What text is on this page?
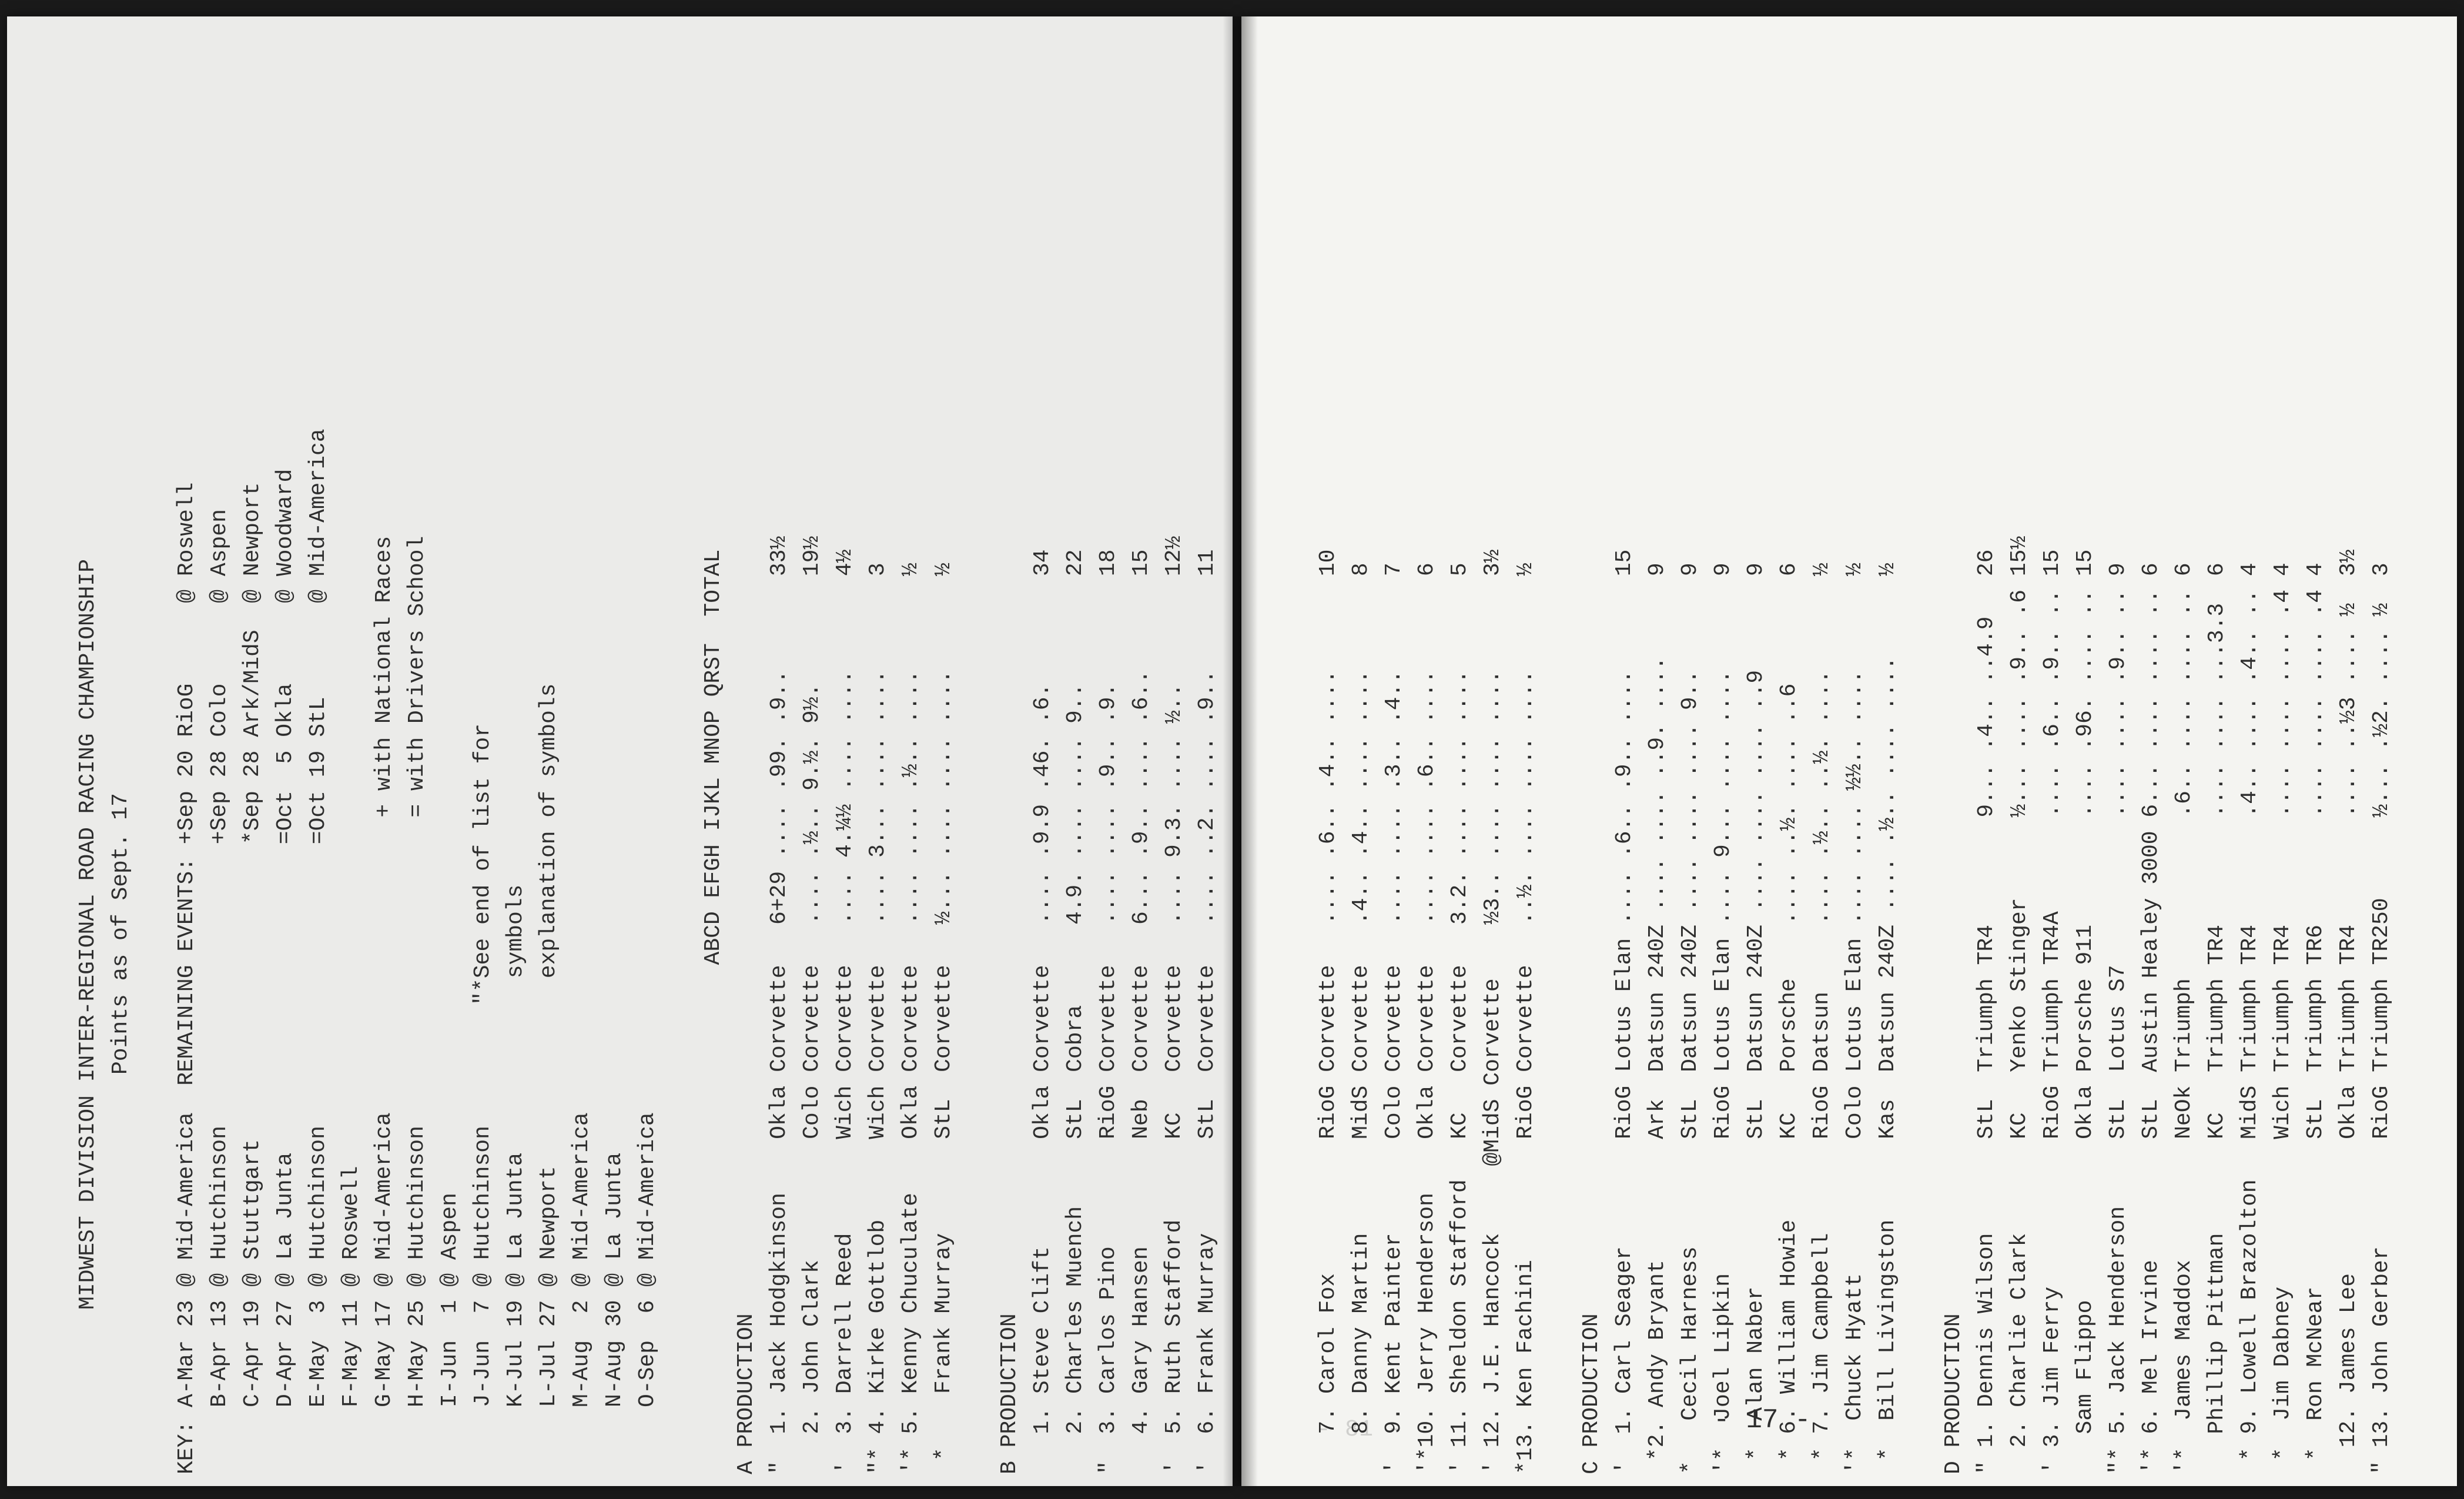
MIDWEST DIVISION INTER-REGIONAL ROAD RACING CHAMPIONSHIP Points as of Sept. 17 KEY: A-Mar 23 @ Mid-America  REMAINING EVENTS: +Sep 20 RioG      @ Roswell B-Apr 13 @ Hutchinson                     +Sep 28 Colo      @ Aspen C-Apr 19 @ Stuttgart                      *Sep 28 Ark/MidS  @ Newport D-Apr 27 @ La Junta                       =Oct  5 Okla      @ Woodward E-May  3 @ Hutchinson                     =Oct 19 StL       @ Mid-America F-May 11 @ Roswell G-May 17 @ Mid-America                      + with National Races H-May 25 @ Hutchinson                       = with Drivers School I-Jun  1 @ Aspen J-Jun  7 @ Hutchinson         "*See end of list for K-Jul 19 @ La Junta             symbols L-Jul 27 @ Newport              explanation of symbols M-Aug  2 @ Mid-America N-Aug 30 @ La Junta O-Sep  6 @ Mid-America ABCD EFGH IJKL MNOP QRST  TOTAL A PRODUCTION "  1. Jack Hodgkinson    Okla Corvette   6+29 .... .99. .9..       33½ 2. John Clark         Colo Corvette   .... .½.. 9.½. 9½.        19½ '  3. Darrell Reed       Wich Corvette   .... 4.¼½ .... ....       4½ "* 4. Kirke Gottlob      Wich Corvette   .... 3... .... ....       3 '* 5. Kenny Chuculate    Okla Corvette   .... .... .½.. ....       ½ *    Frank Murray       StL  Corvette   ½... .... .... ....       ½ B PRODUCTION 1. Steve Clift        Okla Corvette   .... .9.9 .46. .6.        34 2. Charles Muench     StL  Cobra      4.9. .... .... 9..        22 "  3. Carlos Pino        RioG Corvette   .... .... .9.. .9.        18 4. Gary Hansen        Neb  Corvette   6... .9.. .... .6..       15 '  5. Ruth Stafford      KC   Corvette   .... 9.3. .... ½..        12½ '  6. Frank Murray       StL  Corvette   .... ..2. .... .9..       11	7. Carol Fox          RioG Corvette   .... .6.. .4.. ....       10 8. Danny Martin       MidS Corvette   .4.. .4.. .... ....       8 '  9. Kent Painter       Colo Corvette   .... .... .3.. .4..       7 '*10. Jerry Henderson    Okla Corvette   .... .... .6.. ....       6 ' 11. Sheldon Stafford   KC   Corvette   3.2. .... .... ....       5 ' 12. J.E. Hancock     @MidS Corvette    ½3.. .... .... ....       3½ *13. Ken Fachini         RioG Corvette   ..½. .... .... ....       ½ C PRODUCTION '  1. Carl Seager        RioG Lotus Elan .... .6.. .9.. ....       15 *2. Andy Bryant         Ark  Datsun 240Z .... .... ..9. ....      9 *   Cecil Harness        StL  Datsun 240Z .... .... .... 9..       9 '*  Joel Lipkin          RioG Lotus Elan .... 9... .... ....       9 *  Alan Naber           StL  Datsun 240Z .... .... .... ..9       9 * 6. William Howie      KC   Porsche    .... ..½. .... ..6        6 * 7. Jim Campbell       RioG Datsun     .... .½.. ..½. ....       ½ '*  Chuck Hyatt          Colo Lotus Elan .... .... ½½.. ....       ½ *  Bill Livingston      Kas  Datsun 240Z .... .½.. .... ....      ½ D PRODUCTION " 1. Dennis Wilson       StL  Triumph TR4        9... .4.. ..4.9   26 2. Charlie Clark       KC   Yenko Stinger      ½... .... .9.. .6 15½ ' 3. Jim Ferry           RioG Triumph TR4A       .... .6.. .9.. .. 15 Sam Flippo            Okla Porsche 911        .... .96. .... .. 15 "* 5. Jack Henderson     StL  Lotus S7           .... .... .9.. .. 9 '* 6. Mel Irvine         StL  Austin Healey 3000 6... .... .... .. 6 '*  James Maddox         NeOk Triumph            .6.. .... .... .. 6 Phillip Pittman       KC   Triumph TR4        .... .... ...3.3  6 * 9. Lowell Brazolton   MidS Triumph TR4        .4.. .... .4.. .. 4 *  Jim Dabney           Wich Triumph TR4        .... .... .... .4 4 *  Ron McNear           StL  Triumph TR6        .... .... .... .4 4 12. James Lee          Okla Triumph TR4        .... ..½3 .... ½  3½ " 13. John Gerber        RioG Triumph TR250      ½... .½2. .... ½  3
- 17 -
- 81 -
